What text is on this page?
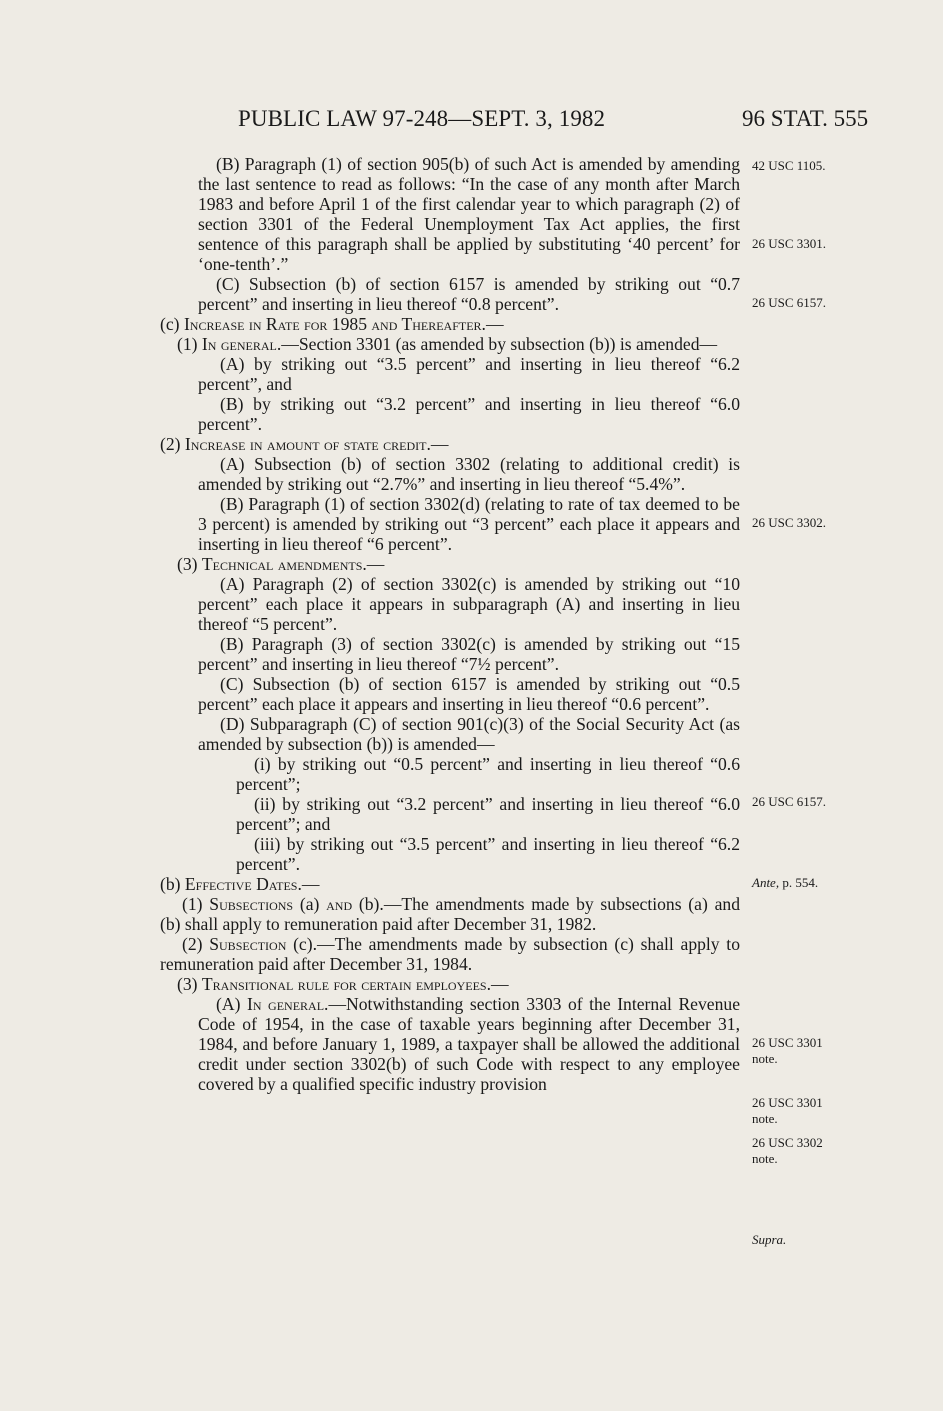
PUBLIC LAW 97-248—SEPT. 3, 1982	96 STAT. 555

(B) Paragraph (1) of section 905(b) of such Act is amended by amending the last sentence to read as follows: “In the case of any month after March 1983 and before April 1 of the first calendar year to which paragraph (2) of section 3301 of the Federal Unemployment Tax Act applies, the first sentence of this paragraph shall be applied by substituting ‘40 percent’ for ‘one-tenth’.”

(C) Subsection (b) of section 6157 is amended by striking out “0.7 percent” and inserting in lieu thereof “0.8 percent”.

(c) Increase in Rate for 1985 and Thereafter.—

(1) In general.—Section 3301 (as amended by subsection (b)) is amended—

(A) by striking out “3.5 percent” and inserting in lieu thereof “6.2 percent”, and

(B) by striking out “3.2 percent” and inserting in lieu thereof “6.0 percent”.

(2) Increase in amount of state credit.—

(A) Subsection (b) of section 3302 (relating to additional credit) is amended by striking out “2.7%” and inserting in lieu thereof “5.4%”.

(B) Paragraph (1) of section 3302(d) (relating to rate of tax deemed to be 3 percent) is amended by striking out “3 percent” each place it appears and inserting in lieu thereof “6 percent”.

(3) Technical amendments.—

(A) Paragraph (2) of section 3302(c) is amended by striking out “10 percent” each place it appears in subparagraph (A) and inserting in lieu thereof “5 percent”.

(B) Paragraph (3) of section 3302(c) is amended by striking out “15 percent” and inserting in lieu thereof “7½ percent”.

(C) Subsection (b) of section 6157 is amended by striking out “0.5 percent” each place it appears and inserting in lieu thereof “0.6 percent”.

(D) Subparagraph (C) of section 901(c)(3) of the Social Security Act (as amended by subsection (b)) is amended—

(i) by striking out “0.5 percent” and inserting in lieu thereof “0.6 percent”;

(ii) by striking out “3.2 percent” and inserting in lieu thereof “6.0 percent”; and

(iii) by striking out “3.5 percent” and inserting in lieu thereof “6.2 percent”.

(b) Effective Dates.—

(1) Subsections (a) and (b).—The amendments made by subsections (a) and (b) shall apply to remuneration paid after December 31, 1982.

(2) Subsection (c).—The amendments made by subsection (c) shall apply to remuneration paid after December 31, 1984.

(3) Transitional rule for certain employees.—

(A) In general.—Notwithstanding section 3303 of the Internal Revenue Code of 1954, in the case of taxable years beginning after December 31, 1984, and before January 1, 1989, a taxpayer shall be allowed the additional credit under section 3302(b) of such Code with respect to any employee covered by a qualified specific industry provision

42 USC 1105.
26 USC 3301.
26 USC 6157.
26 USC 3302.
26 USC 6157.
Ante, p. 554.
26 USC 3301
note.
26 USC 3301
note.
26 USC 3302
note.
Supra.
